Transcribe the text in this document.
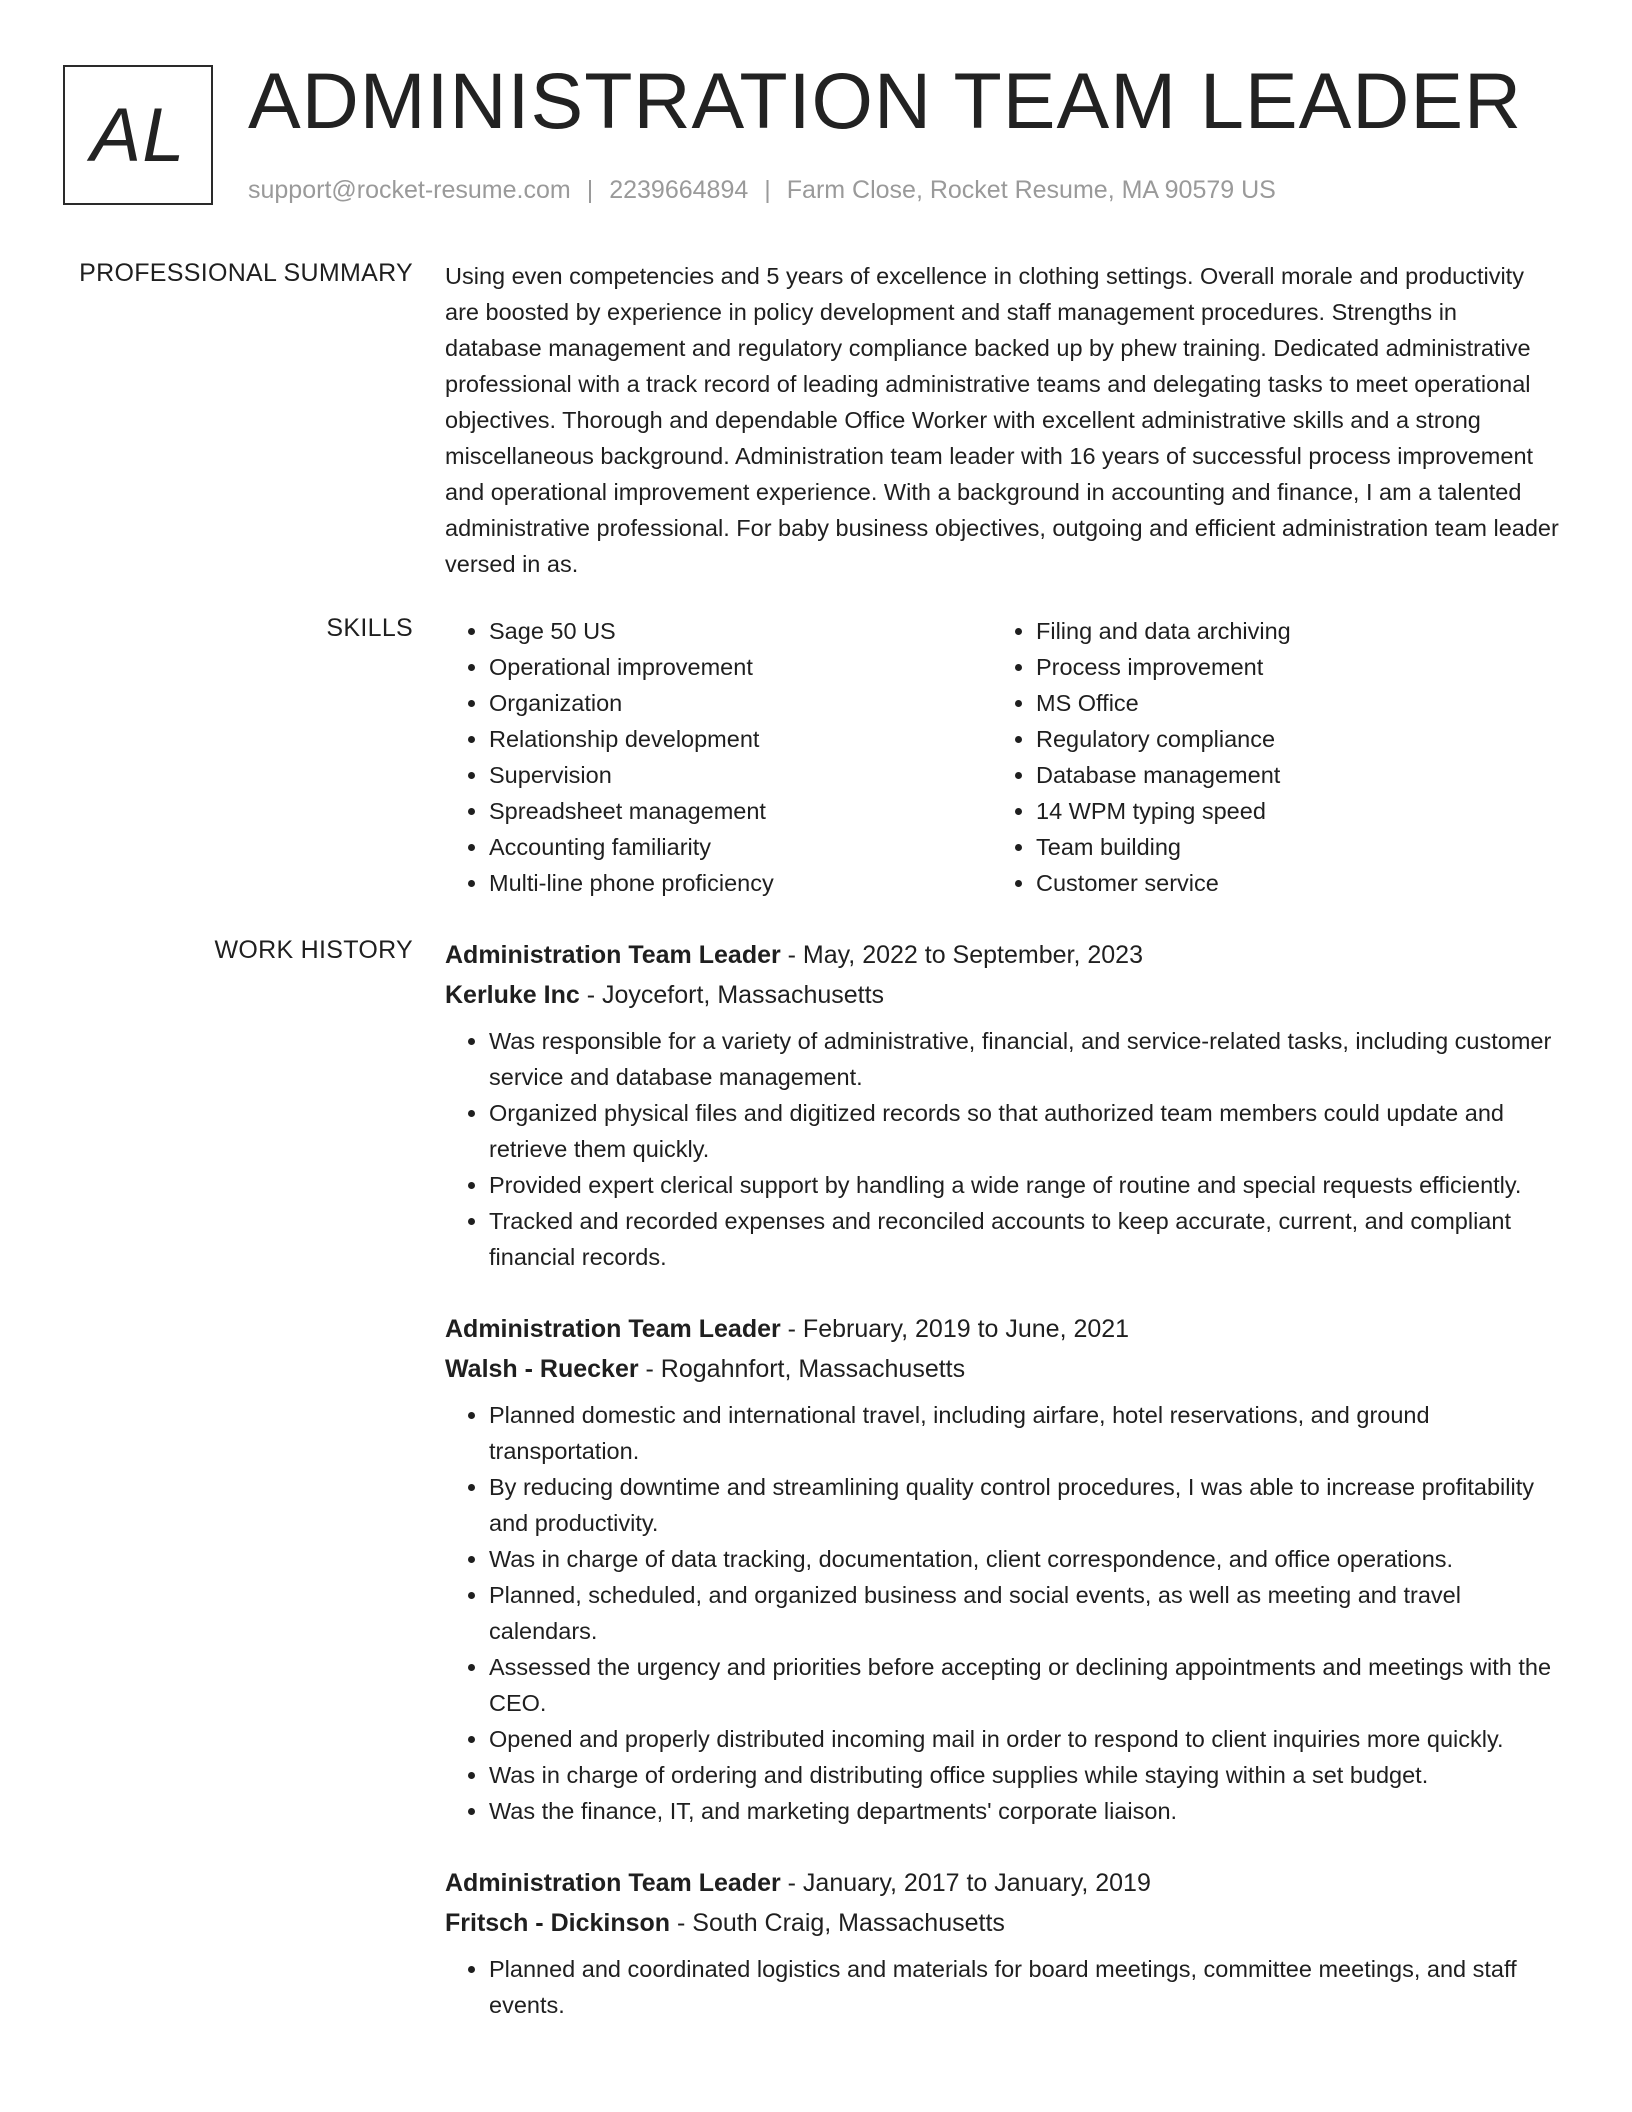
AL ADMINISTRATION TEAM LEADER
support@rocket-resume.com | 2239664894 | Farm Close, Rocket Resume, MA 90579 US
PROFESSIONAL SUMMARY Using even competencies and 5 years of excellence in clothing settings. Overall morale and productivity are boosted by experience in policy development and staff management procedures. Strengths in database management and regulatory compliance backed up by phew training. Dedicated administrative professional with a track record of leading administrative teams and delegating tasks to meet operational objectives. Thorough and dependable Office Worker with excellent administrative skills and a strong miscellaneous background. Administration team leader with 16 years of successful process improvement and operational improvement experience. With a background in accounting and finance, I am a talented administrative professional. For baby business objectives, outgoing and efficient administration team leader versed in as.
SKILLS
•	Sage 50 US
• Operational improvement
• Organization
• Relationship development
• Supervision
• Spreadsheet management
• Accounting familiarity
• Multi-line phone proficiency
• Filing and data archiving
• Process improvement
• MS Office
• Regulatory compliance
• Database management
• 14 WPM typing speed
• Team building
• Customer service
WORK HISTORY Administration Team Leader - May, 2022 to September, 2023
Kerluke Inc - Joycefort, Massachusetts
• Was responsible for a variety of administrative, financial, and service-related tasks, including customer service and database management.
• Organized physical files and digitized records so that authorized team members could update and retrieve them quickly.
• Provided expert clerical support by handling a wide range of routine and special requests efficiently.
• Tracked and recorded expenses and reconciled accounts to keep accurate, current, and compliant financial records.
Administration Team Leader - February, 2019 to June, 2021
Walsh - Ruecker - Rogahnfort, Massachusetts
• Planned domestic and international travel, including airfare, hotel reservations, and ground transportation.
• By reducing downtime and streamlining quality control procedures, I was able to increase profitability and productivity.
• Was in charge of data tracking, documentation, client correspondence, and office operations.
• Planned, scheduled, and organized business and social events, as well as meeting and travel calendars.
• Assessed the urgency and priorities before accepting or declining appointments and meetings with the CEO.
• Opened and properly distributed incoming mail in order to respond to client inquiries more quickly.
• Was in charge of ordering and distributing office supplies while staying within a set budget.
• Was the finance, IT, and marketing departments' corporate liaison.
Administration Team Leader - January, 2017 to January, 2019
Fritsch - Dickinson - South Craig, Massachusetts
• Planned and coordinated logistics and materials for board meetings, committee meetings, and staff events.
